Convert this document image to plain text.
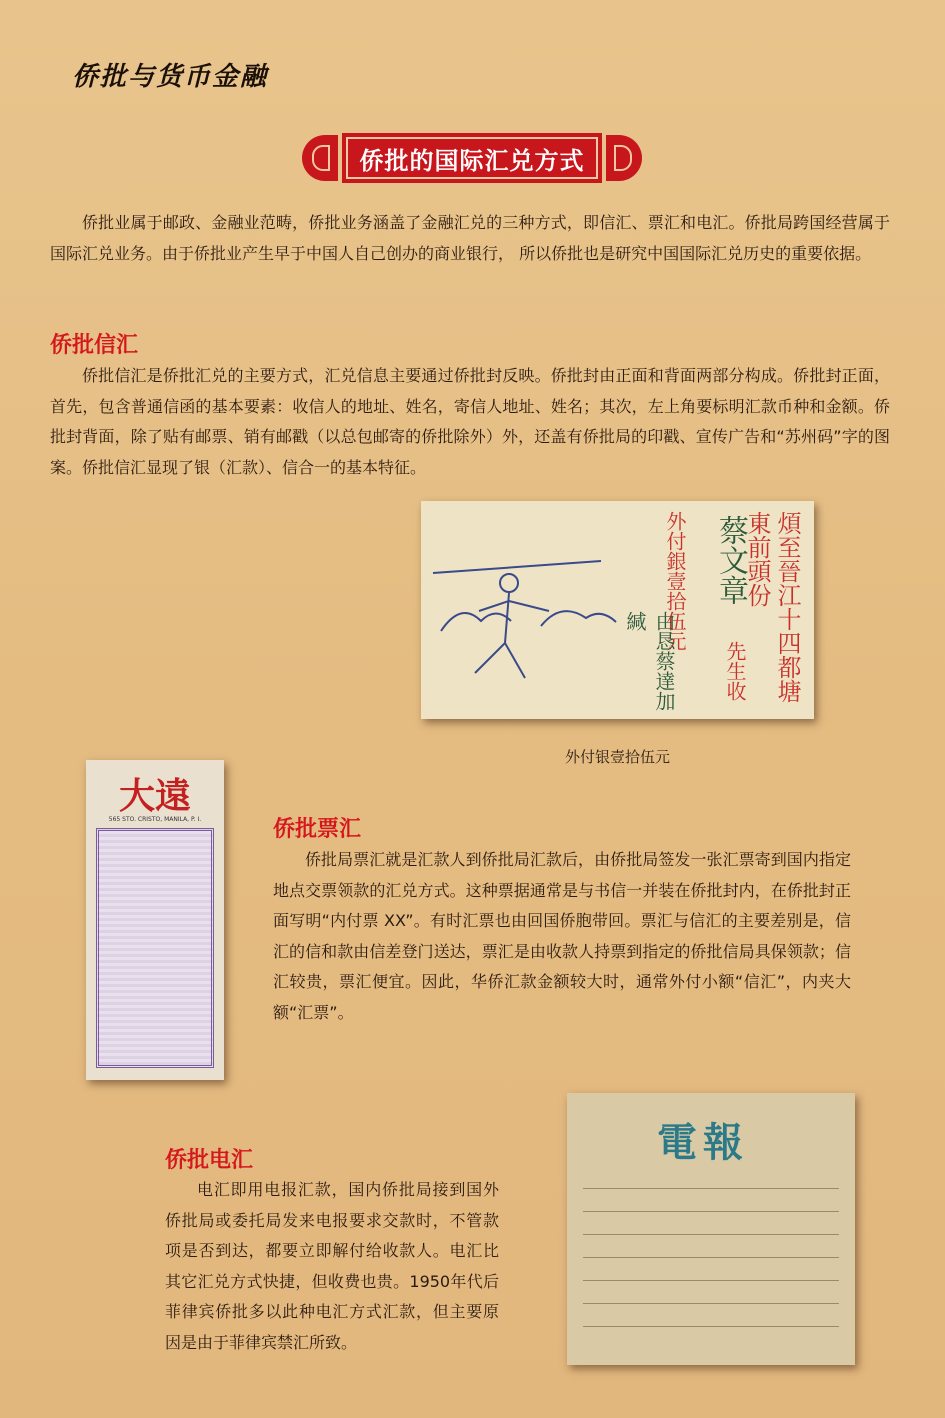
侨批与货币金融
侨批的国际汇兑方式

侨批业属于邮政、金融业范畴，侨批业务涵盖了金融汇兑的三种方式，即信汇、票汇和电汇。侨批局跨国经营属于国际汇兑业务。由于侨批业产生早于中国人自己创办的商业银行， 所以侨批也是研究中国国际汇兑历史的重要依据。

侨批信汇

侨批信汇是侨批汇兑的主要方式，汇兑信息主要通过侨批封反映。侨批封由正面和背面两部分构成。侨批封正面，首先，包含普通信函的基本要素：收信人的地址、姓名，寄信人地址、姓名；其次，左上角要标明汇款币种和金额。侨批封背面，除了贴有邮票、销有邮戳（以总包邮寄的侨批除外）外，还盖有侨批局的印戳、宣传广告和“苏州码”字的图案。侨批信汇显现了银（汇款）、信合一的基本特征。

煩至晉江十四都塘東前頭份
蔡文章
先生收
外付銀壹拾伍元
由恳蔡達加緘
外付银壹拾伍元
大遠
565 STO. CRISTO, MANILA, P. I.	侨批票汇

侨批局票汇就是汇款人到侨批局汇款后，由侨批局签发一张汇票寄到国内指定地点交票领款的汇兑方式。这种票据通常是与书信一并装在侨批封内，在侨批封正面写明“内付票 XX”。有时汇票也由回国侨胞带回。票汇与信汇的主要差别是，信汇的信和款由信差登门送达，票汇是由收款人持票到指定的侨批信局具保领款；信汇较贵，票汇便宜。因此，华侨汇款金额较大时，通常外付小额“信汇”，内夹大额“汇票”。

侨批电汇

电汇即用电报汇款，国内侨批局接到国外侨批局或委托局发来电报要求交款时，不管款项是否到达，都要立即解付给收款人。电汇比其它汇兑方式快捷，但收费也贵。1950年代后菲律宾侨批多以此种电汇方式汇款，但主要原因是由于菲律宾禁汇所致。

電報
